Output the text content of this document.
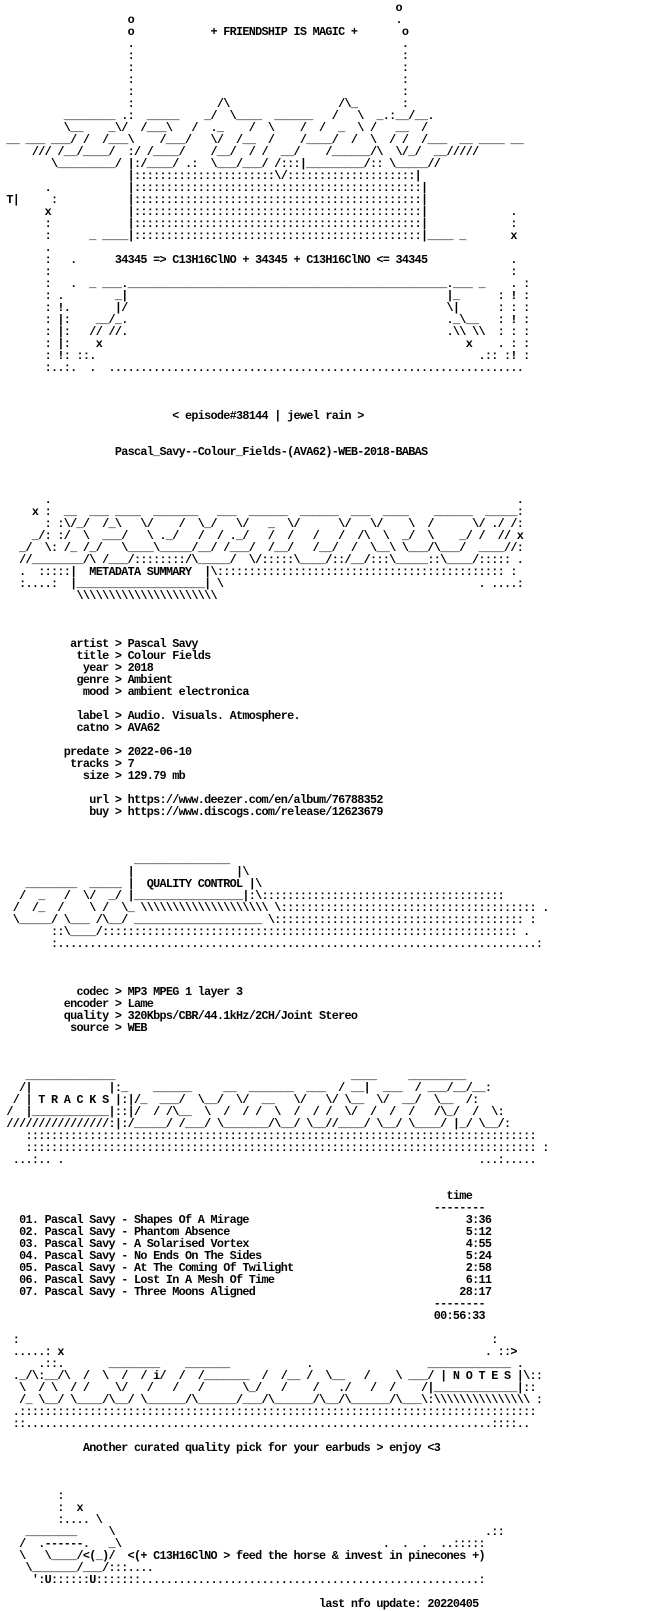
o
o                                         .
o            + FRIENDSHIP IS MAGIC +       o
.                                          .
:                                          :
:                                          :
:                                          :
:                                          :
:             /\                 /\_       :
________ .:  _____    _/  \____  ______   /   \  _.:__/__.
\__    _\/  /___\   /  ._    /  \    /  /  _  \ /   __  /
__ ___ ___/ /  /___\    /___/   \/  /__  /    /____/  /  \  / /  /___  __ ____ __
/// /__/____/  :/ /____/    /__/  / /  __/    /______/\  \/_/  __/////
\_________/ |:/____/ .:  \___/___/ /:::|_________/:: \_____//
|::::::::::::::::::::::\/::::::::::::::::::::|
.            |:::::::::::::::::::::::::::::::::::::::::::::|
T|     :           |:::::::::::::::::::::::::::::::::::::::::::::|
x            |:::::::::::::::::::::::::::::::::::::::::::::|             .
:            |:::::::::::::::::::::::::::::::::::::::::::::|             :
:      _ ____|:::::::::::::::::::::::::::::::::::::::::::::|____ _       x
.
:   .      34345 => C13H16ClNO + 34345 + C13H16ClNO <= 34345             .
:                                                                        :
:   .  _ ___.__________________________________________________.___ _    . :
: .        _|                                                  |_      : ! :
: !.       |/                                                  \|      : : :
: |:    __/_.                                                  ._\__   : ! :
: |:   // //.                                                  .\\ \\  : : :
: |:    x                                                         x    . : :
: !: ::.                                                            .:: :! :
:..:.  .  .................................................................
< episode#38144 | jewel rain >
Pascal_Savy--Colour_Fields-(AVA62)-WEB-2018-BABAS
.                                                                         .
x :  __  ___ ____  _______   ___  ______  ______  ___  ____    ______  _____:
: :\/_/  /_\   \/    /  \_/   \/   _  \/      \/   \/    \  /      \/ ./ /:
_/: :/  \  ___/   \ ._/   /  / ._/   /  /   /   /  /\  \  _/  \    _/ /  // x
_/  \: /_ /_/   \____\_____/__/ /___/  /__/   /__/  /  \__\ \___/\___/  ____//:
//________/\ /___/::::::::/\_____/  \/:::::\____/::/__/:::\_____::\____/::::: .
.  :::::|  METADATA SUMMARY  |\::::::::::::::::::::::::::::::::::::::::::::: :
:....:  |____________________| \                                        . ....:
\\\\\\\\\\\\\\\\\\\\\\
artist > Pascal Savy
title > Colour Fields
year > 2018
genre > Ambient
mood > ambient electronica
label > Audio. Visuals. Atmosphere.
catno > AVA62
predate > 2022-06-10
tracks > 7
size > 129.79 mb
url > https://www.deezer.com/en/album/76788352
buy > https://www.discogs.com/release/12623679
_______________
|                |\
________  _____ |  QUALITY CONTROL |\
/  _   /  \/  _/ |_________________|:\::::::::::::::::::::::::::::::::::::::
/  /_  /    \ /  \_ \\\\\\\\\\\\\\\\\\\\ \:::::::::::::::::::::::::::::::::::::::: .
\_____/ \___ /\__/ ____________________ \::::::::::::::::::::::::::::::::::::::: :
::\____/::::::::::::::::::::::::::::::::::::::::::::::::::::::::::::::::: .
:...........................................................................:
codec > MP3 MPEG 1 layer 3
encoder > Lame
quality > 320Kbps/CBR/44.1kHz/2CH/Joint Stereo
source > WEB
______________                                     ____     _________
/|            |:_    ______     __  _______  ___  / __|  ___  / ___/__/__:
/ | T R A C K S |:|/_  ___/  \__/  \/  __   \/   \/ \__  \/  __/  \__  /:
/  |____________|::|/  / /\__  \  /  / /  \  /  / /  \/  /  /  /   /\_/  /  \:
////////////////:|:/_____/ /___/ \_______/\__/ \__//____/ \__/ \____/ |_/ \__/:
::::::::::::::::::::::::::::::::::::::::::::::::::::::::::::::::::::::::::::::::
:::::::::::::::::::::::::::::::::::::::::::::::::::::::::::::::::::::::::::::::: :
...:.. .                                                                 ...:.....
time
--------
01. Pascal Savy - Shapes Of A Mirage                                  3:36
02. Pascal Savy - Phantom Absence                                     5:12
03. Pascal Savy - A Solarised Vortex                                  4:55
04. Pascal Savy - No Ends On The Sides                                5:24
05. Pascal Savy - At The Coming Of Twilight                           2:58
06. Pascal Savy - Lost In A Mesh Of Time                              6:11
07. Pascal Savy - Three Moons Aligned                                28:17
--------
00:56:33
:                                                                          :
.....: x                                                                  . ::>
.::.       ________    _______            .                  _____________ .
._/\:__/\  /  \  /  / i/  /  /_______  /  /__ /  \__   /    \ ___/ | N O T E S |\::
\  / \  / /    \/   /   /   /      \_/   /    /   ./   /  /    /|_____________|::
/_ \__/ \____/\__/ \______/\______/___/\______/\__/\______/\___\:\\\\\\\\\\\\\\\ :
.:::::::::::::::::::::::::::::::::::::::::::::::::::::::::::::::::::::::::::::::::
::.........................................................................::::..
Another curated quality pick for your earbuds > enjoy <3
:
:  x
:.... \
________     \                                                          .::
/  .------.   _\                                         .  .  .  ..:::::
\   \____/<(_)/  <(+ C13H16ClNO > feed the horse & invest in pinecones +)
\_______/___/:::....
':U::::::U:::::::.....................................................:
last nfo update: 20220405
